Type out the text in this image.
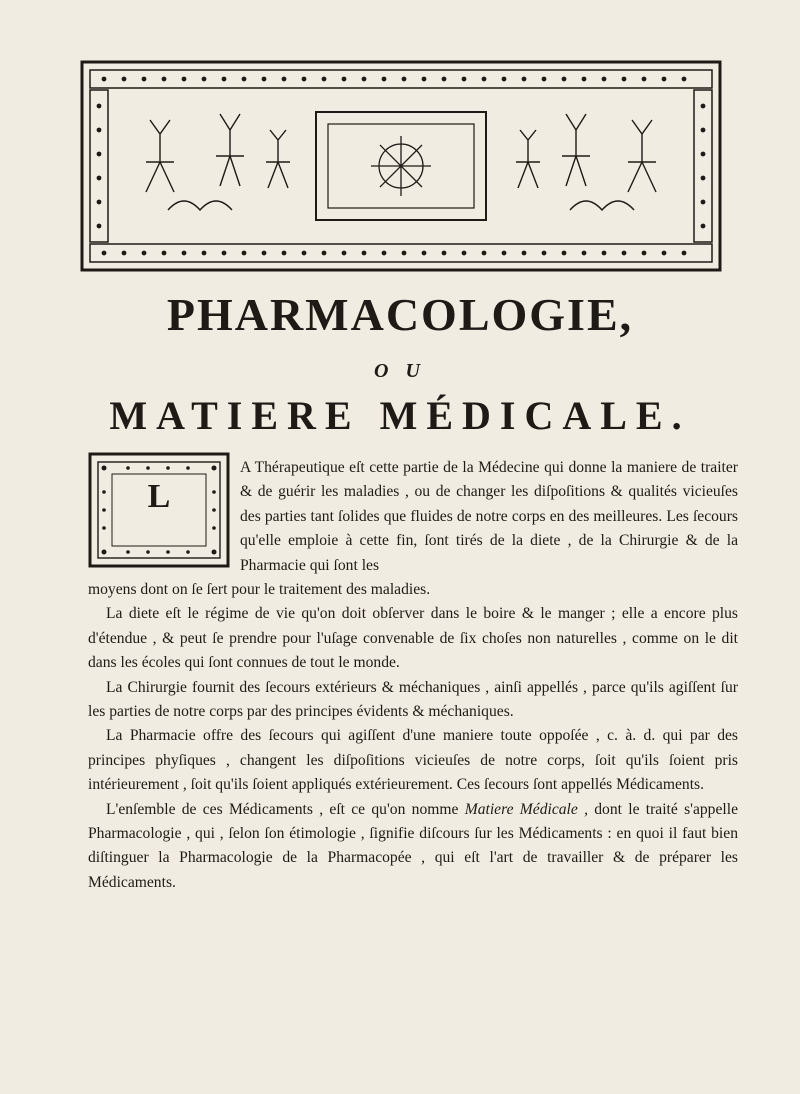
PHARMACOLOGIE,
O U
MATIERE MÉDICALE.
L

A Thérapeutique eſt cette partie de la Médecine qui donne la maniere de traiter & de guérir les maladies , ou de changer les diſpoſitions & qualités vicieuſes des parties tant ſolides que fluides de notre corps en des meilleures. Les ſecours qu'elle emploie à cette fin, ſont tirés de la diete , de la Chirurgie & de la Pharmacie qui ſont les

moyens dont on ſe ſert pour le traitement des maladies.

La diete eſt le régime de vie qu'on doit obſerver dans le boire & le manger ; elle a encore plus d'étendue , & peut ſe prendre pour l'uſage convenable de ſix choſes non naturelles , comme on le dit dans les écoles qui ſont connues de tout le monde.

La Chirurgie fournit des ſecours extérieurs & méchaniques , ainſi appellés , parce qu'ils agiſſent ſur les parties de notre corps par des principes évidents & méchaniques.

La Pharmacie offre des ſecours qui agiſſent d'une maniere toute oppoſée , c. à. d. qui par des principes phyſiques , changent les diſpoſitions vicieuſes de notre corps, ſoit qu'ils ſoient pris intérieurement , ſoit qu'ils ſoient appliqués extérieurement. Ces ſecours ſont appellés Médicaments.

L'enſemble de ces Médicaments , eſt ce qu'on nomme Matiere Médicale , dont le traité s'appelle Pharmacologie , qui , ſelon ſon étimologie , ſignifie diſcours ſur les Médicaments : en quoi il faut bien diſtinguer la Pharmacologie de la Pharmacopée , qui eſt l'art de travailler & de préparer les Médicaments.
